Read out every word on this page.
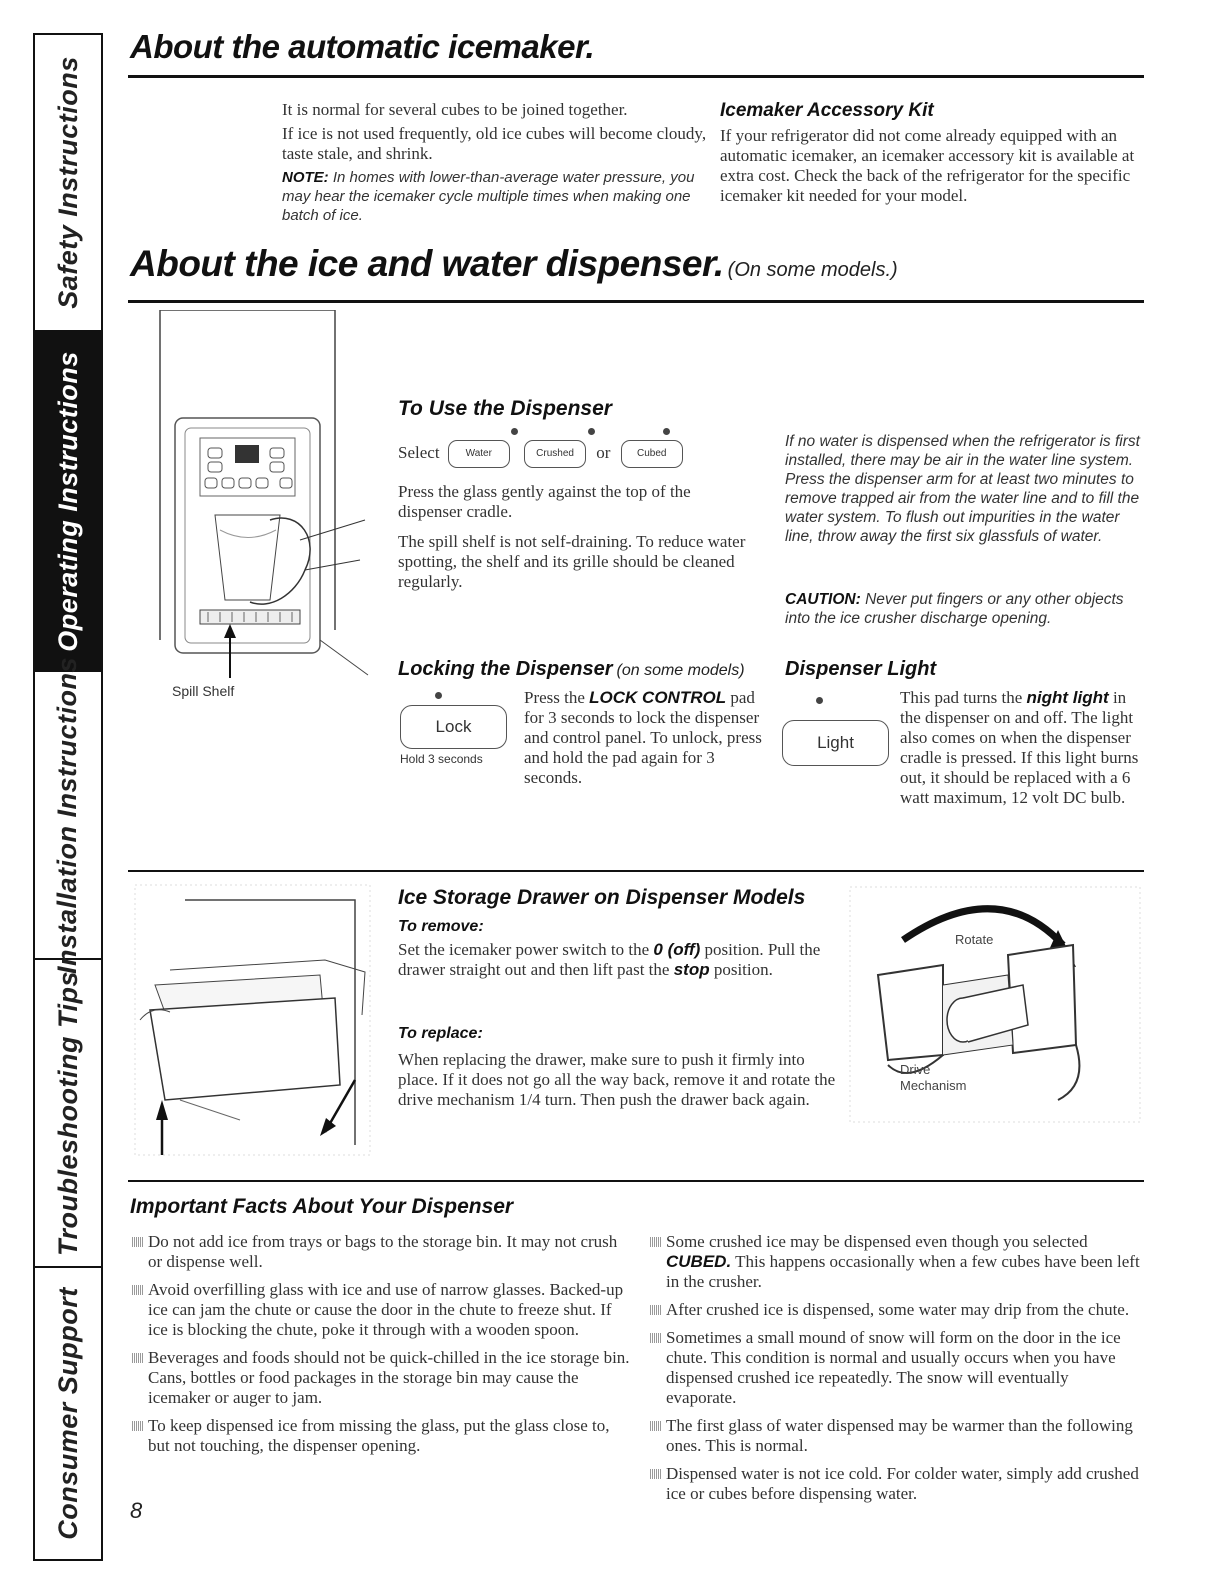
Safety Instructions
Operating Instructions
Installation Instructions
Troubleshooting Tips
Consumer Support
About the automatic icemaker.

It is normal for several cubes to be joined together.

If ice is not used frequently, old ice cubes will become cloudy, taste stale, and shrink.

NOTE: In homes with lower-than-average water pressure, you may hear the icemaker cycle multiple times when making one batch of ice.
Icemaker Accessory Kit
If your refrigerator did not come already equipped with an automatic icemaker, an icemaker accessory kit is available at extra cost. Check the back of the refrigerator for the specific icemaker kit needed for your model.
About the ice and water dispenser. (On some models.)
Spill Shelf
To Use the Dispenser
Select	Water	Crushed or	Cubed

Press the glass gently against the top of the dispenser cradle.

The spill shelf is not self-draining. To reduce water spotting, the shelf and its grille should be cleaned regularly.

If no water is dispensed when the refrigerator is first installed, there may be air in the water line system. Press the dispenser arm for at least two minutes to remove trapped air from the water line and to fill the water system. To flush out impurities in the water line, throw away the first six glassfuls of water.
CAUTION: Never put fingers or any other objects into the ice crusher discharge opening.
Locking the Dispenser (on some models)
Lock
Hold 3 seconds
Press the LOCK CONTROL pad for 3 seconds to lock the dispenser and control panel. To unlock, press and hold the pad again for 3 seconds.
Dispenser Light
Light
This pad turns the night light in the dispenser on and off. The light also comes on when the dispenser cradle is pressed. If this light burns out, it should be replaced with a 6 watt maximum, 12 volt DC bulb.
Ice Storage Drawer on Dispenser Models
To remove:
Set the icemaker power switch to the 0 (off) position. Pull the drawer straight out and then lift past the stop position.
To replace:
When replacing the drawer, make sure to push it firmly into place. If it does not go all the way back, remove it and rotate the drive mechanism 1/4 turn. Then push the drawer back again.
Rotate
Drive
Mechanism
Important Facts About Your Dispenser
Do not add ice from trays or bags to the storage bin. It may not crush or dispense well.
Avoid overfilling glass with ice and use of narrow glasses. Backed-up ice can jam the chute or cause the door in the chute to freeze shut. If ice is blocking the chute, poke it through with a wooden spoon.
Beverages and foods should not be quick-chilled in the ice storage bin. Cans, bottles or food packages in the storage bin may cause the icemaker or auger to jam.
To keep dispensed ice from missing the glass, put the glass close to, but not touching, the dispenser opening.
Some crushed ice may be dispensed even though you selected CUBED. This happens occasionally when a few cubes have been left in the crusher.
After crushed ice is dispensed, some water may drip from the chute.
Sometimes a small mound of snow will form on the door in the ice chute. This condition is normal and usually occurs when you have dispensed crushed ice repeatedly. The snow will eventually evaporate.
The first glass of water dispensed may be warmer than the following ones. This is normal.
Dispensed water is not ice cold. For colder water, simply add crushed ice or cubes before dispensing water.
8
